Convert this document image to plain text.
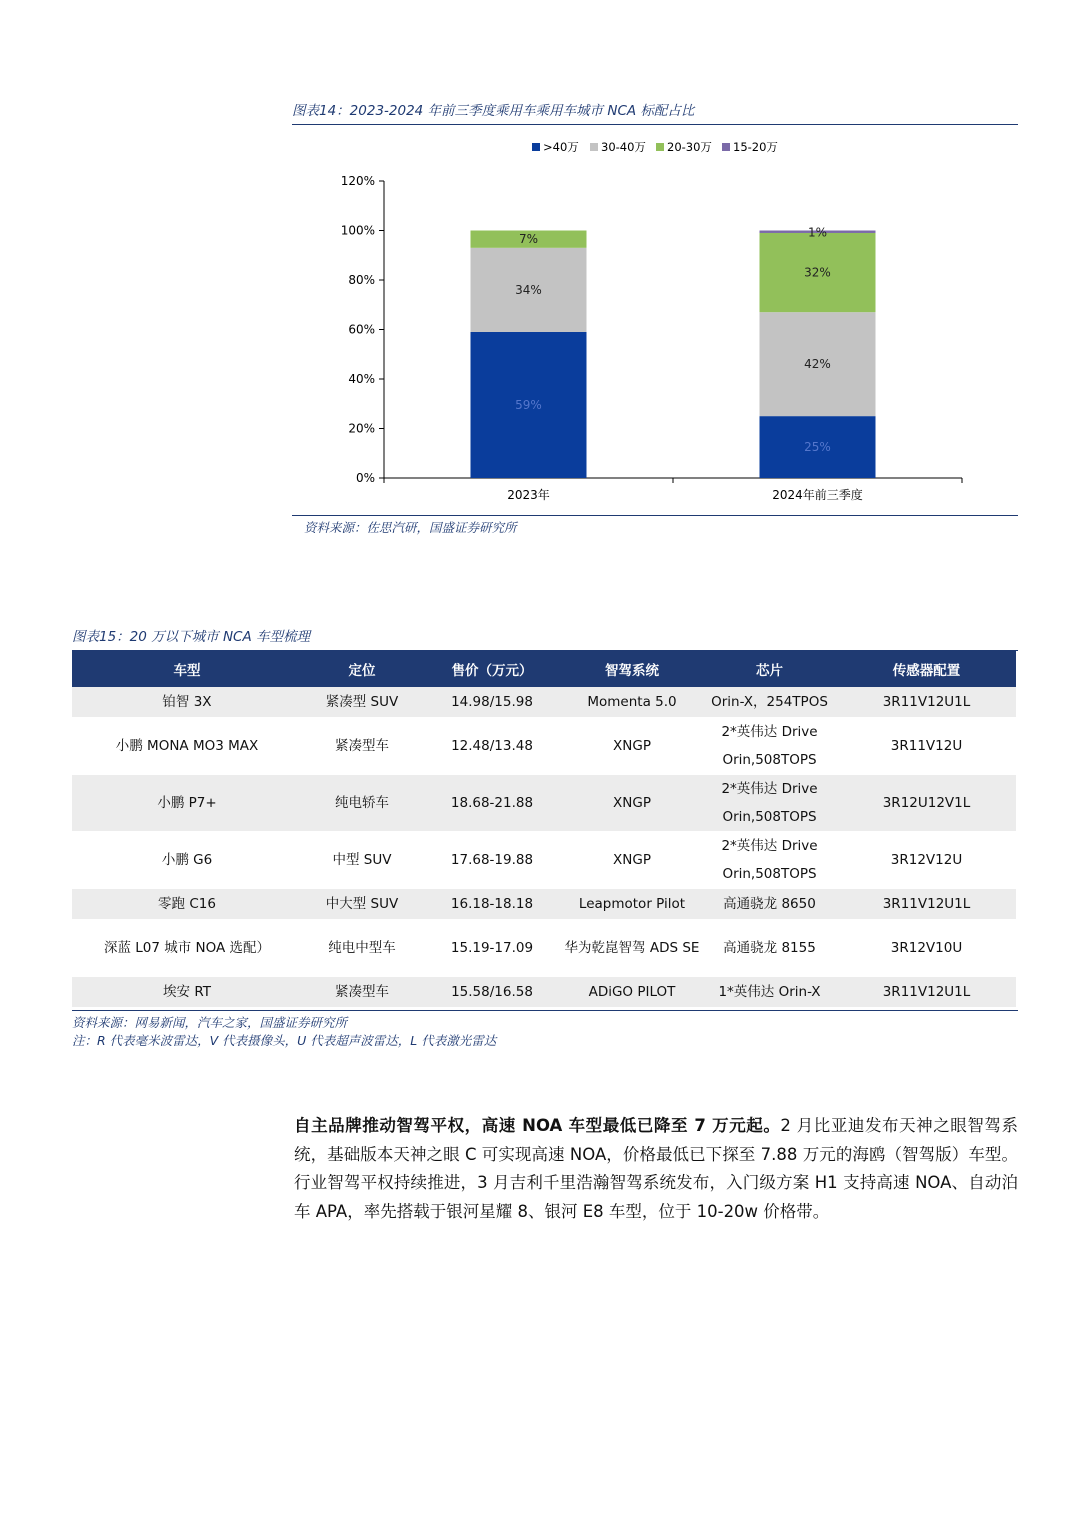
图表14：2023-2024 年前三季度乘用车乘用车城市 NCA 标配占比
>40万 30-40万 20-30万 15-20万
0%
20%
40%
60%
80%
100%
120%
2023年	2024年前三季度
59%
34%
7%
25%
42%
32%
1%
资料来源：佐思汽研，国盛证券研究所
图表15：20 万以下城市 NCA 车型梳理
车型	定位	售价（万元）	智驾系统	芯片	传感器配置
铂智 3X	紧凑型 SUV	14.98/15.98	Momenta 5.0	Orin-X，254TPOS	3R11V12U1L
小鹏 MONA MO3 MAX	紧凑型车	12.48/13.48	XNGP	2*英伟达 Drive Orin,508TOPS	3R11V12U
小鹏 P7+	纯电轿车	18.68-21.88	XNGP	2*英伟达 Drive Orin,508TOPS	3R12U12V1L
小鹏 G6	中型 SUV	17.68-19.88	XNGP	2*英伟达 Drive Orin,508TOPS	3R12V12U
零跑 C16	中大型 SUV	16.18-18.18	Leapmotor Pilot	高通骁龙 8650	3R11V12U1L
深蓝 L07 城市 NOA 选配）	纯电中型车	15.19-17.09	华为乾崑智驾 ADS SE	高通骁龙 8155	3R12V10U
埃安 RT	紧凑型车	15.58/16.58	ADiGO PILOT	1*英伟达 Orin-X	3R11V12U1L
资料来源：网易新闻，汽车之家，国盛证券研究所
注：R 代表毫米波雷达，V 代表摄像头，U 代表超声波雷达，L 代表激光雷达
自主品牌推动智驾平权，高速 NOA 车型最低已降至 7 万元起。2 月比亚迪发布天神之眼智驾系统，基础版本天神之眼 C 可实现高速 NOA，价格最低已下探至 7.88 万元的海鸥（智驾版）车型。行业智驾平权持续推进，3 月吉利千里浩瀚智驾系统发布，入门级方案 H1 支持高速 NOA、自动泊车 APA，率先搭载于银河星耀 8、银河 E8 车型，位于 10-20w 价格带。
